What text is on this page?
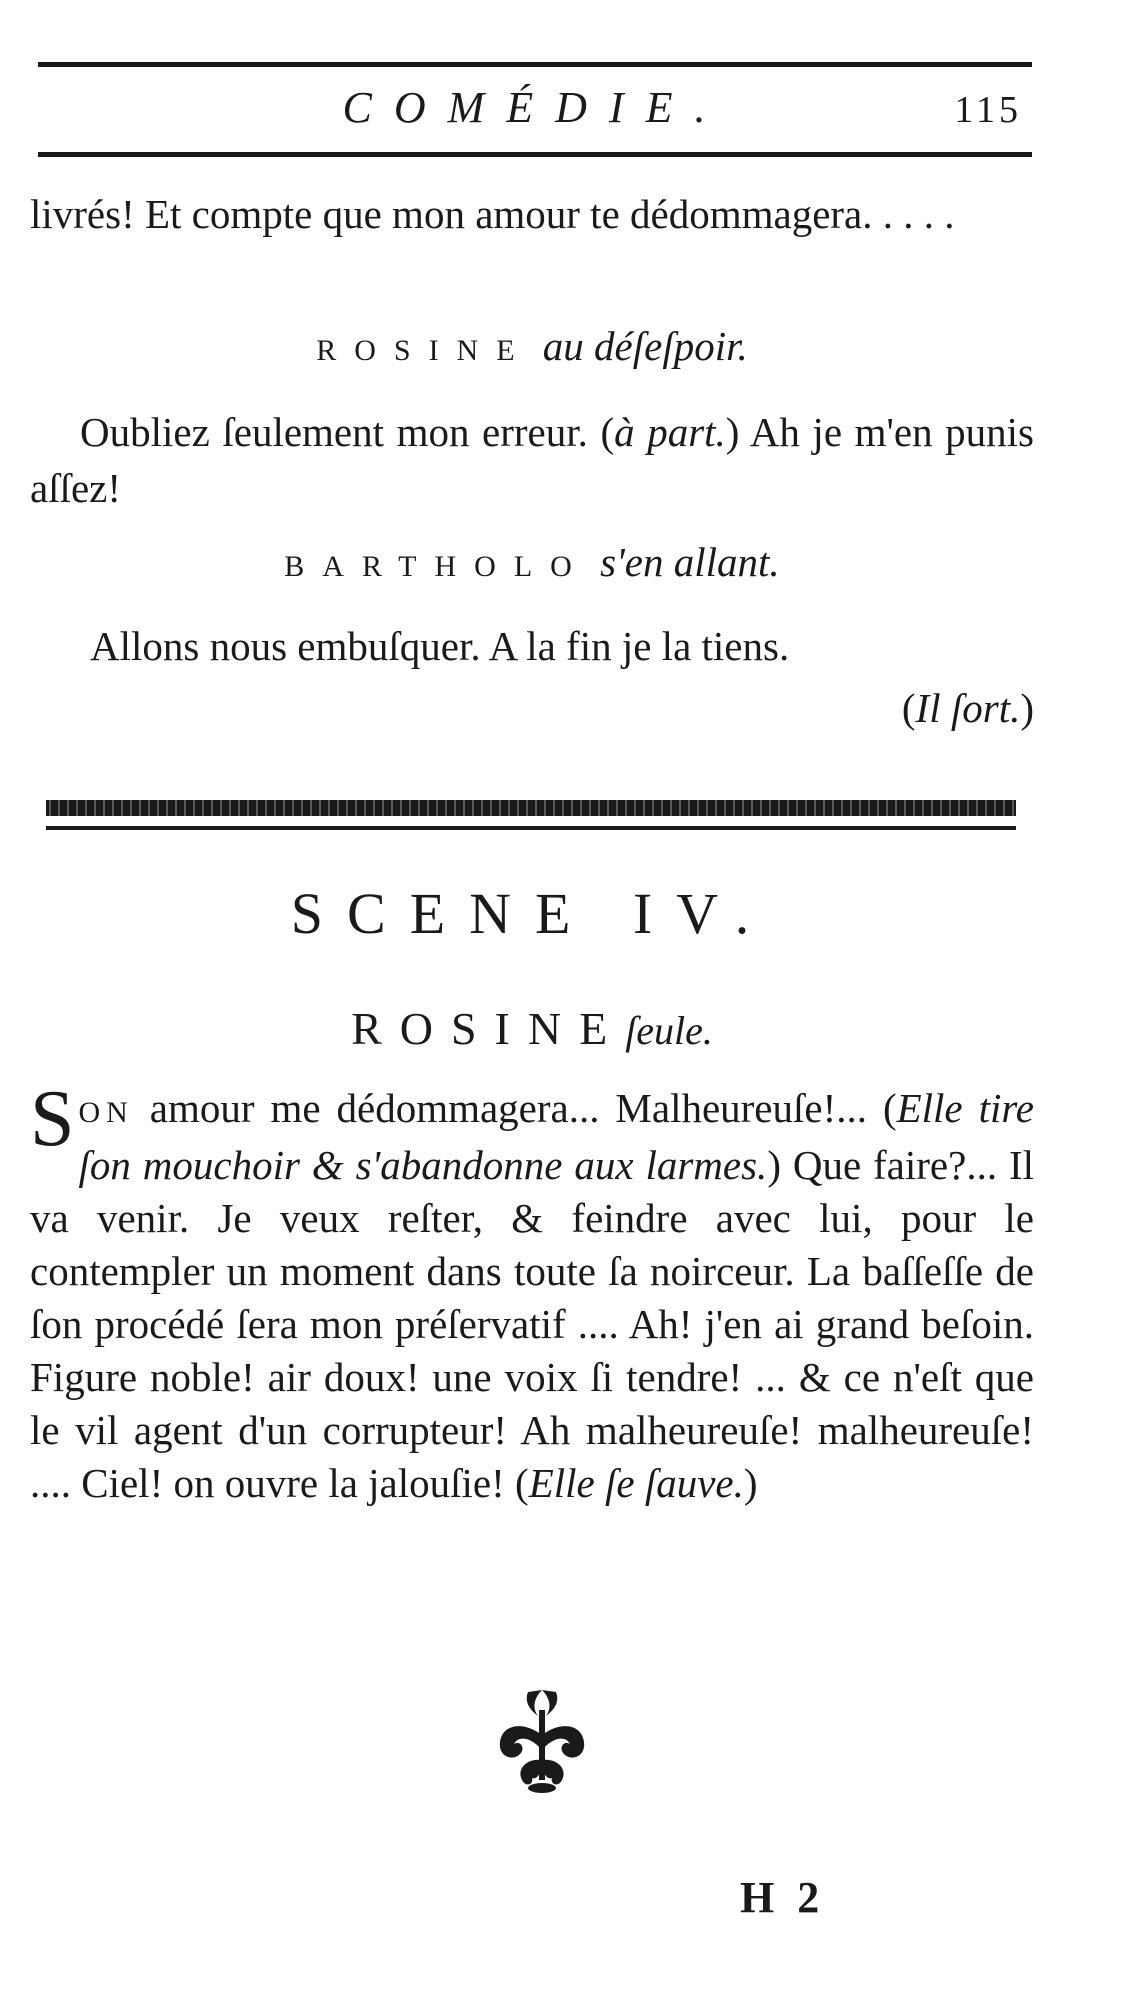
COMÉDIE.	115
livrés! Et compte que mon amour te dédommagera. . . . .
ROSINE au déſeſpoir.
Oubliez ſeulement mon erreur. (à part.) Ah je m'en punis aſſez!
BARTHOLO s'en allant.
Allons nous embuſquer. A la fin je la tiens.
(Il ſort.)
SCENE IV.
ROSINEſeule.
SON amour me dédommagera... Malheureuſe!... (Elle tire ſon mouchoir & s'abandonne aux larmes.) Que faire?... Il va venir. Je veux reſter, & feindre avec lui, pour le contempler un moment dans toute ſa noirceur. La baſſeſſe de ſon procédé ſera mon préſervatif .... Ah! j'en ai grand beſoin. Figure noble! air doux! une voix ſi tendre! ... & ce n'eſt que le vil agent d'un corrupteur! Ah malheureuſe! malheureuſe! .... Ciel! on ouvre la jalouſie! (Elle ſe ſauve.)
H 2
